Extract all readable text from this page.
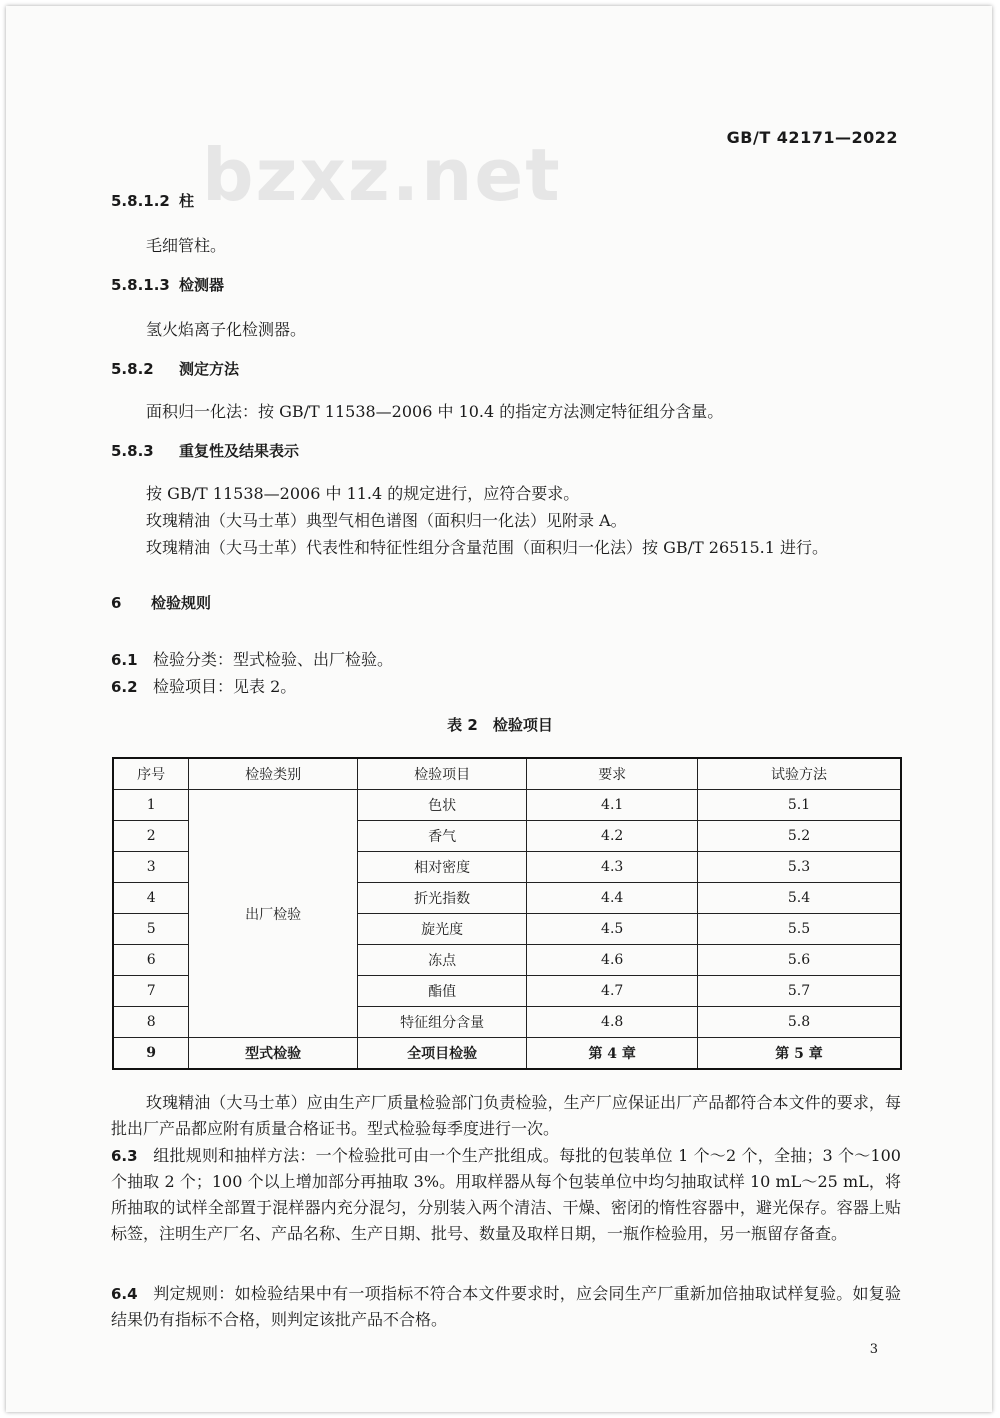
bzxz.net	GB/T 42171—2022
5.8.1.2 柱
毛细管柱。
5.8.1.3 检测器
氢火焰离子化检测器。
5.8.2 测定方法
面积归一化法：按 GB/T 11538—2006 中 10.4 的指定方法测定特征组分含量。
5.8.3 重复性及结果表示
按 GB/T 11538—2006 中 11.4 的规定进行，应符合要求。
玫瑰精油（大马士革）典型气相色谱图（面积归一化法）见附录 A。
玫瑰精油（大马士革）代表性和特征性组分含量范围（面积归一化法）按 GB/T 26515.1 进行。
6 检验规则
6.1 检验分类：型式检验、出厂检验。
6.2 检验项目：见表 2。
表 2　检验项目
序号	检验类别	检验项目	要求	试验方法
1	出厂检验	色状	4.1	5.1
2		香气	4.2	5.2
3		相对密度	4.3	5.3
4		折光指数	4.4	5.4
5		旋光度	4.5	5.5
6		冻点	4.6	5.6
7		酯值	4.7	5.7
8		特征组分含量	4.8	5.8
9	型式检验	全项目检验	第 4 章	第 5 章
玫瑰精油（大马士革）应由生产厂质量检验部门负责检验，生产厂应保证出厂产品都符合本文件的要求，每批出厂产品都应附有质量合格证书。型式检验每季度进行一次。
6.3 组批规则和抽样方法：一个检验批可由一个生产批组成。每批的包装单位 1 个～2 个，全抽；3 个～100 个抽取 2 个；100 个以上增加部分再抽取 3%。用取样器从每个包装单位中均匀抽取试样 10 mL～25 mL，将所抽取的试样全部置于混样器内充分混匀，分别装入两个清洁、干燥、密闭的惰性容器中，避光保存。容器上贴标签，注明生产厂名、产品名称、生产日期、批号、数量及取样日期，一瓶作检验用，另一瓶留存备查。
6.4 判定规则：如检验结果中有一项指标不符合本文件要求时，应会同生产厂重新加倍抽取试样复验。如复验结果仍有指标不合格，则判定该批产品不合格。
3
